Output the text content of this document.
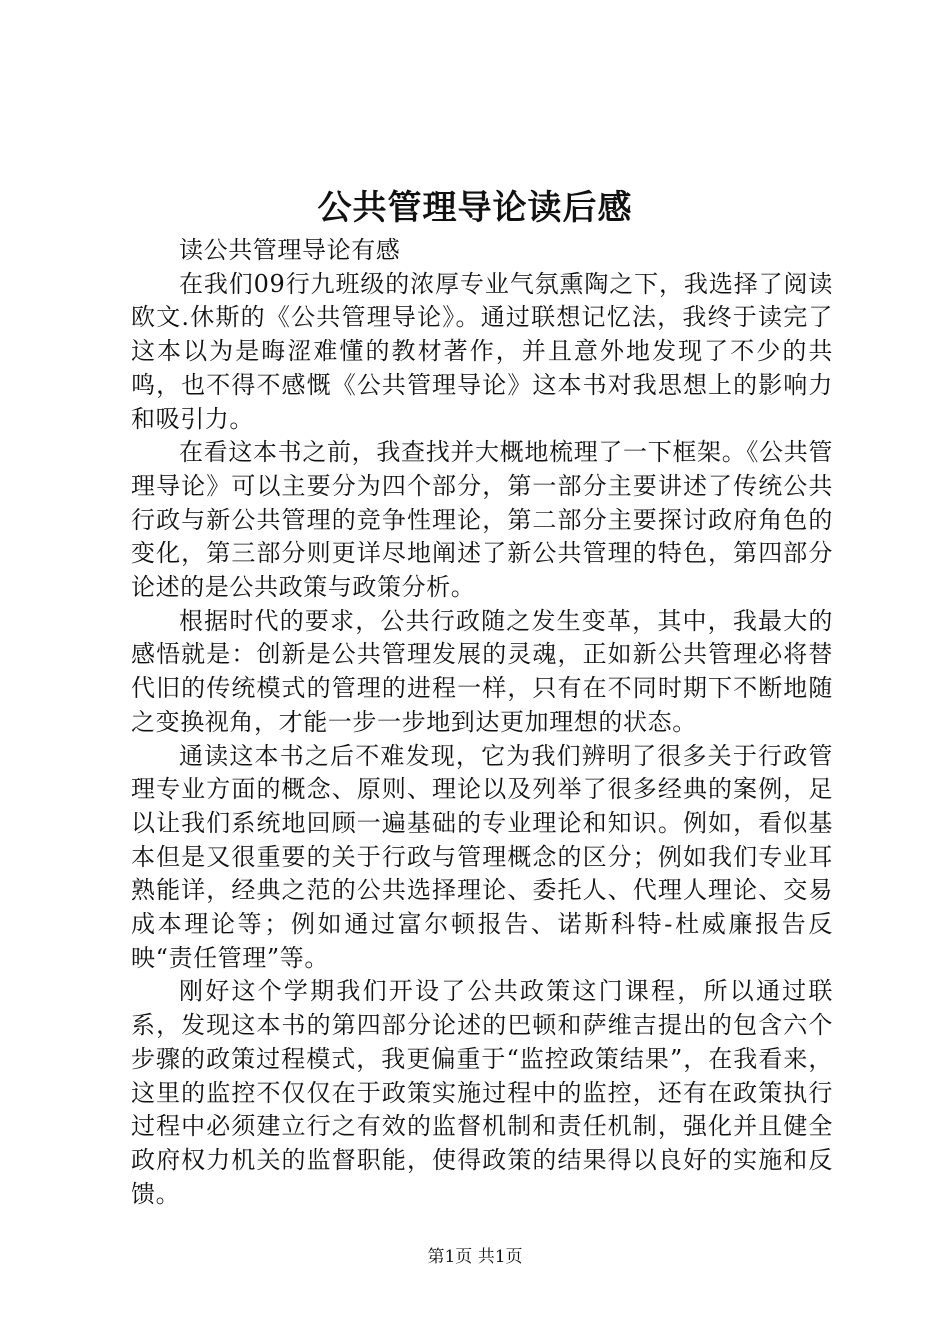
公共管理导论读后感

读公共管理导论有感

在我们09行九班级的浓厚专业气氛熏陶之下，我选择了阅读欧文.休斯的《公共管理导论》。通过联想记忆法，我终于读完了这本以为是晦涩难懂的教材著作，并且意外地发现了不少的共鸣，也不得不感慨《公共管理导论》这本书对我思想上的影响力和吸引力。

在看这本书之前，我查找并大概地梳理了一下框架。《公共管理导论》可以主要分为四个部分，第一部分主要讲述了传统公共行政与新公共管理的竞争性理论，第二部分主要探讨政府角色的变化，第三部分则更详尽地阐述了新公共管理的特色，第四部分论述的是公共政策与政策分析。

根据时代的要求，公共行政随之发生变革，其中，我最大的感悟就是：创新是公共管理发展的灵魂，正如新公共管理必将替代旧的传统模式的管理的进程一样，只有在不同时期下不断地随之变换视角，才能一步一步地到达更加理想的状态。

通读这本书之后不难发现，它为我们辨明了很多关于行政管理专业方面的概念、原则、理论以及列举了很多经典的案例，足以让我们系统地回顾一遍基础的专业理论和知识。例如，看似基本但是又很重要的关于行政与管理概念的区分；例如我们专业耳熟能详，经典之范的公共选择理论、委托人、代理人理论、交易成本理论等；例如通过富尔顿报告、诺斯科特-杜威廉报告反映“责任管理”等。

刚好这个学期我们开设了公共政策这门课程，所以通过联系，发现这本书的第四部分论述的巴顿和萨维吉提出的包含六个步骤的政策过程模式，我更偏重于“监控政策结果”，在我看来，这里的监控不仅仅在于政策实施过程中的监控，还有在政策执行过程中必须建立行之有效的监督机制和责任机制，强化并且健全政府权力机关的监督职能，使得政策的结果得以良好的实施和反馈。

第1页 共1页
